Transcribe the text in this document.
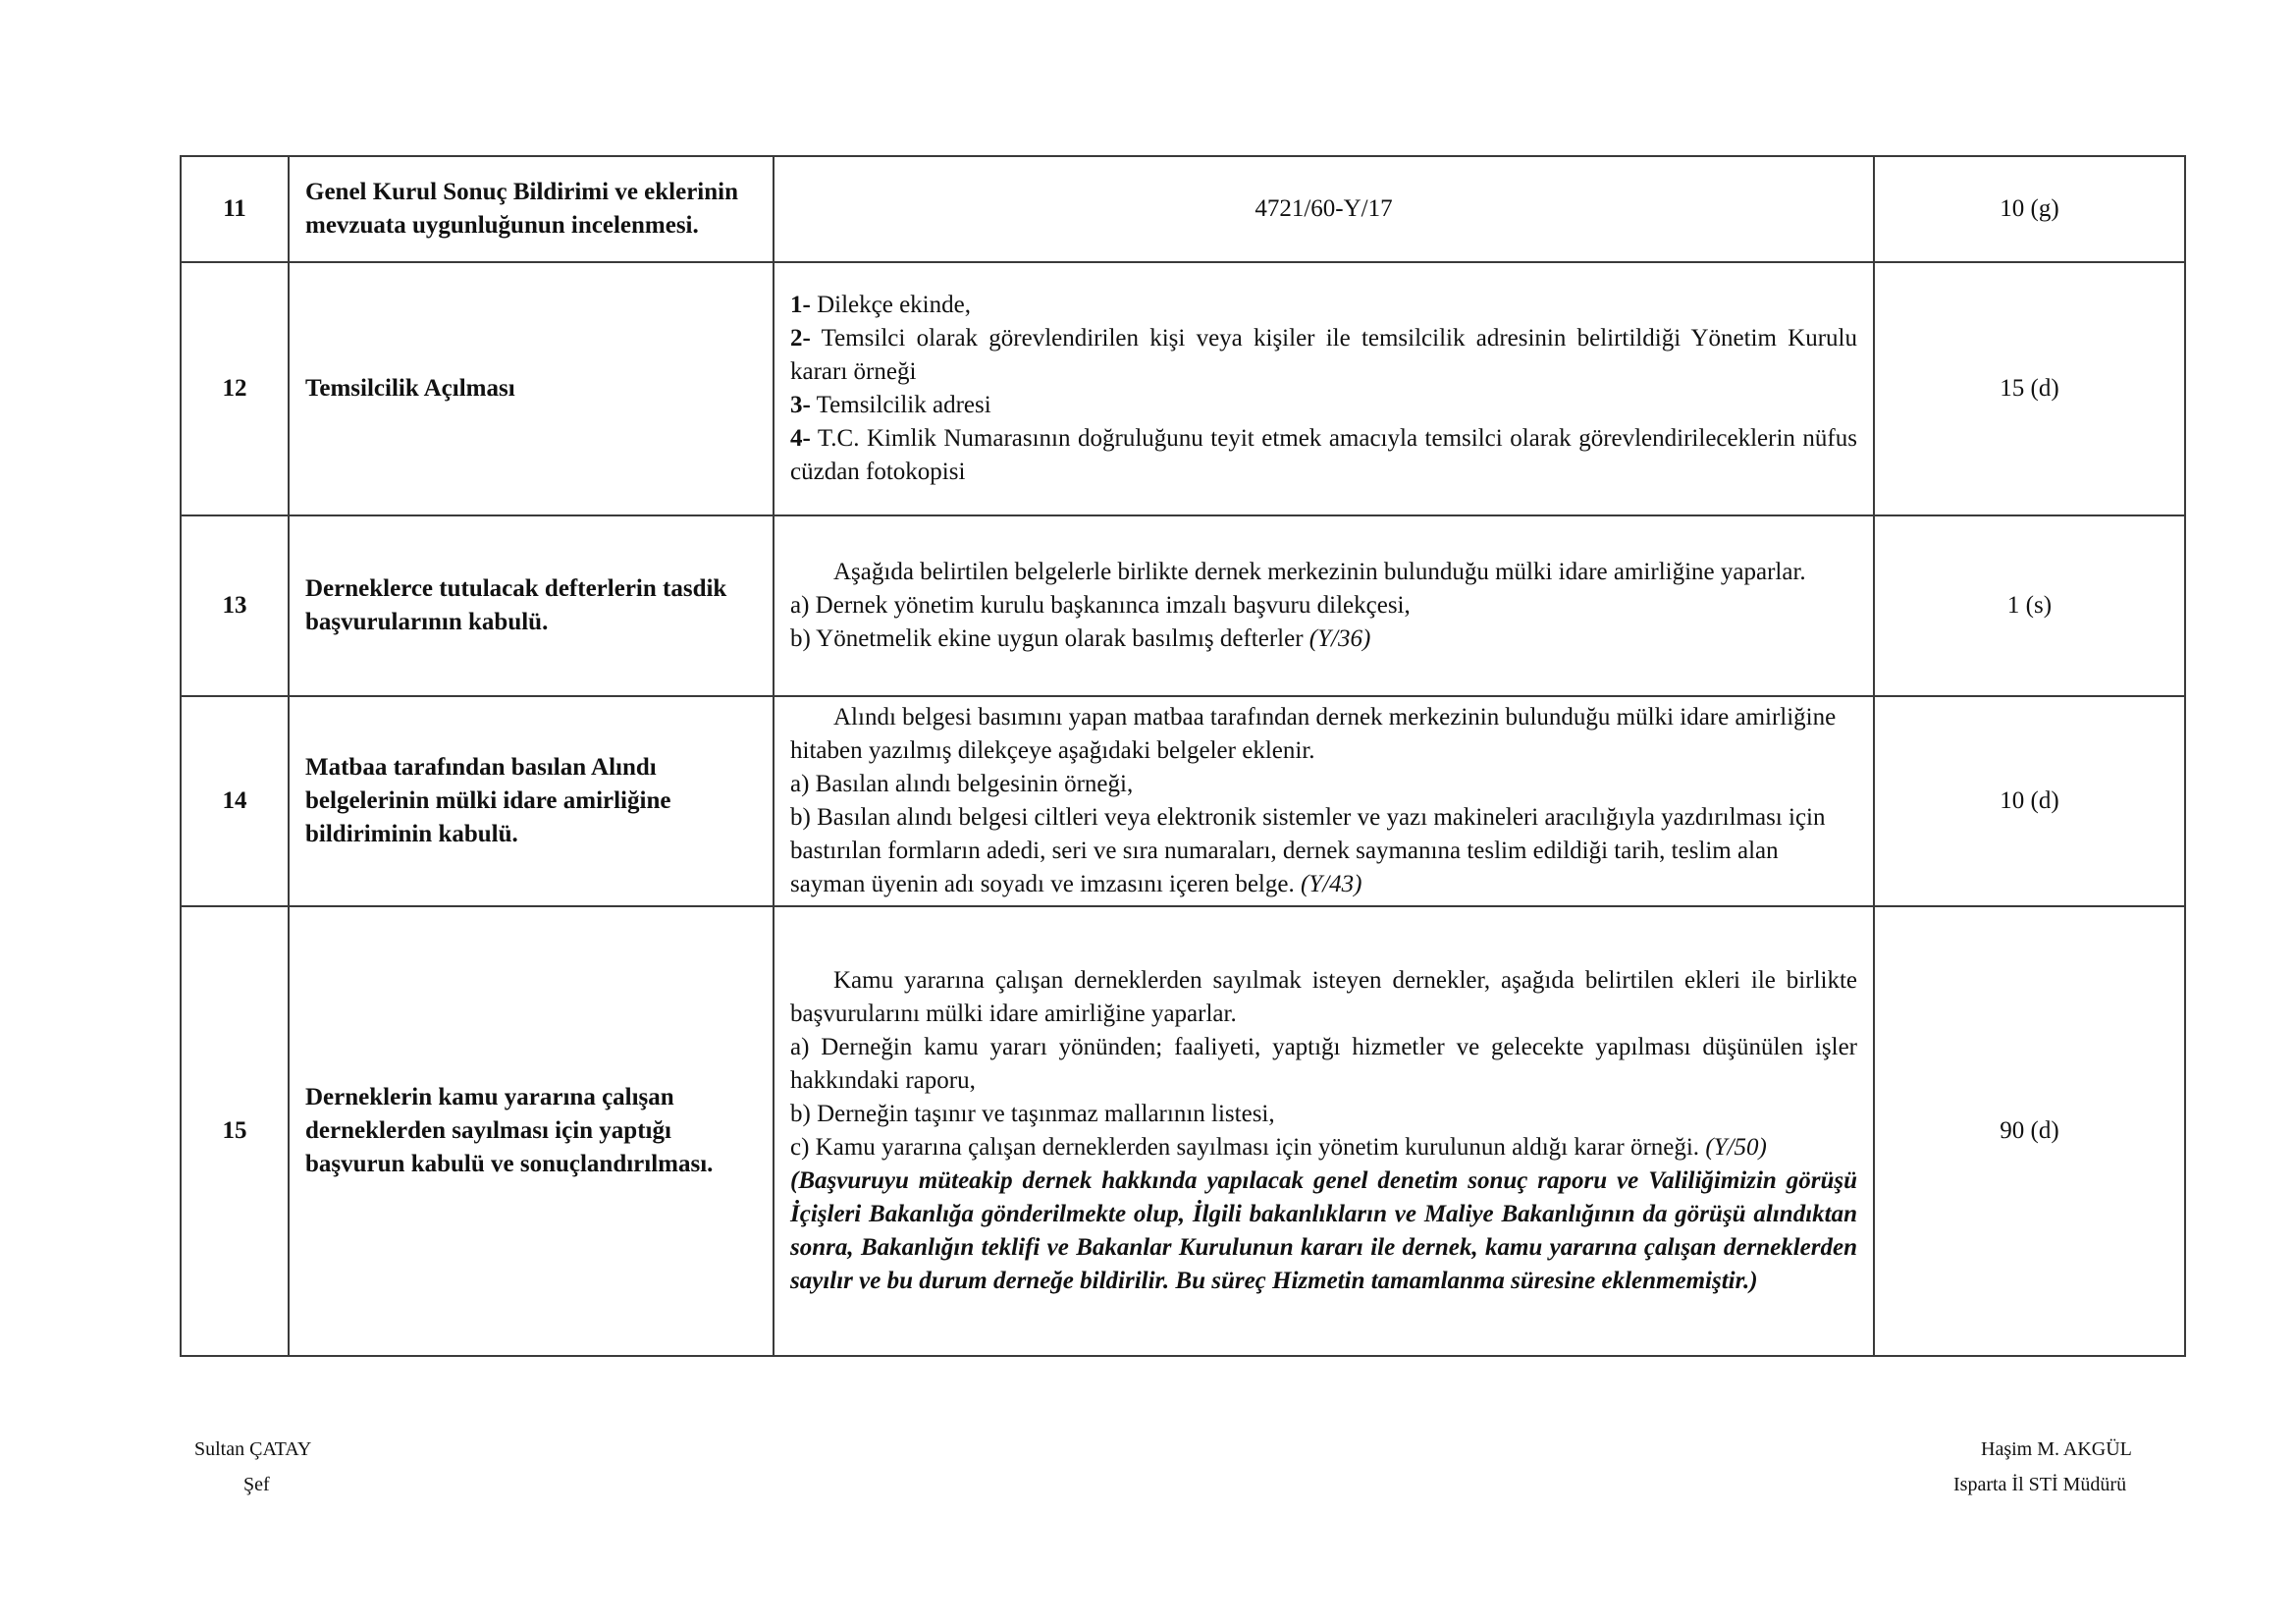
11	Genel Kurul Sonuç Bildirimi ve eklerinin mevzuata uygunluğunun incelenmesi.	4721/60-Y/17	10 (g)
12	Temsilcilik Açılması	1- Dilekçe ekinde,
2- Temsilci olarak görevlendirilen kişi veya kişiler ile temsilcilik adresinin belirtildiği Yönetim Kurulu kararı örneği
3- Temsilcilik adresi
4- T.C. Kimlik Numarasının doğruluğunu teyit etmek amacıyla temsilci olarak görevlendirileceklerin nüfus cüzdan fotokopisi	15 (d)
13	Derneklerce tutulacak defterlerin tasdik başvurularının kabulü.	Aşağıda belirtilen belgelerle birlikte dernek merkezinin bulunduğu mülki idare amirliğine yaparlar.
a) Dernek yönetim kurulu başkanınca imzalı başvuru dilekçesi,
b) Yönetmelik ekine uygun olarak basılmış defterler (Y/36)	1 (s)
14	Matbaa tarafından basılan Alındı belgelerinin mülki idare amirliğine bildiriminin kabulü.	Alındı belgesi basımını yapan matbaa tarafından dernek merkezinin bulunduğu mülki idare amirliğine hitaben yazılmış dilekçeye aşağıdaki belgeler eklenir.
a) Basılan alındı belgesinin örneği,
b) Basılan alındı belgesi ciltleri veya elektronik sistemler ve yazı makineleri aracılığıyla yazdırılması için bastırılan formların adedi, seri ve sıra numaraları, dernek saymanına teslim edildiği tarih, teslim alan sayman üyenin adı soyadı ve imzasını içeren belge. (Y/43)	10 (d)
15	Derneklerin kamu yararına çalışan derneklerden sayılması için yaptığı başvurun kabulü ve sonuçlandırılması.	Kamu yararına çalışan derneklerden sayılmak isteyen dernekler, aşağıda belirtilen ekleri ile birlikte başvurularını mülki idare amirliğine yaparlar.
a) Derneğin kamu yararı yönünden; faaliyeti, yaptığı hizmetler ve gelecekte yapılması düşünülen işler hakkındaki raporu,
b) Derneğin taşınır ve taşınmaz mallarının listesi,
c) Kamu yararına çalışan derneklerden sayılması için yönetim kurulunun aldığı karar örneği. (Y/50)
(Başvuruyu müteakip dernek hakkında yapılacak genel denetim sonuç raporu ve Valiliğimizin görüşü İçişleri Bakanlığa gönderilmekte olup, İlgili bakanlıkların ve Maliye Bakanlığının da görüşü alındıktan sonra, Bakanlığın teklifi ve Bakanlar Kurulunun kararı ile dernek, kamu yararına çalışan derneklerden sayılır ve bu durum derneğe bildirilir. Bu süreç Hizmetin tamamlanma süresine eklenmemiştir.)	90 (d)
Sultan ÇATAY
Şef
Haşim M. AKGÜL
Isparta İl STİ Müdürü
